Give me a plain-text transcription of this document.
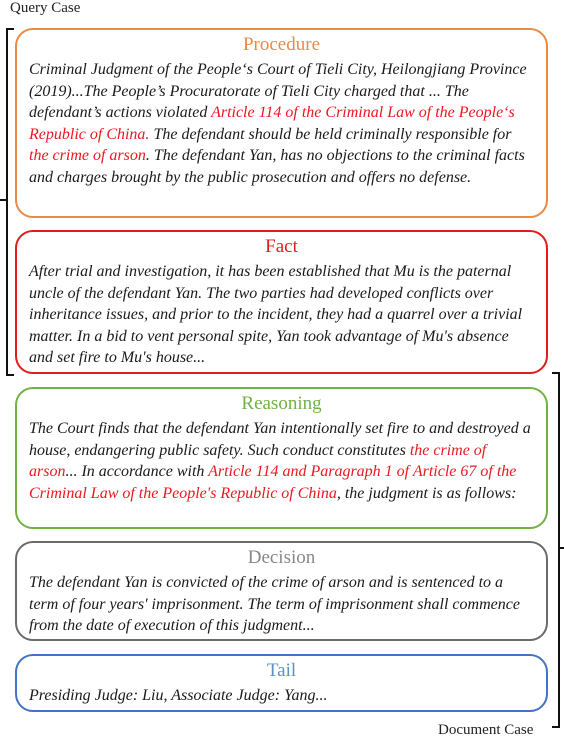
Query Case
Document Case
Procedure
Criminal Judgment of the People‘s Court of Tieli City, Heilongjiang Province (2019)...The People’s Procuratorate of Tieli City charged that ... The defendant’s actions violated Article 114 of the Criminal Law of the People‘s Republic of China. The defendant should be held criminally responsible for the crime of arson. The defendant Yan, has no objections to the criminal facts and charges brought by the public prosecution and offers no defense.
Fact
After trial and investigation, it has been established that Mu is the paternal uncle of the defendant Yan. The two parties had developed conflicts over inheritance issues, and prior to the incident, they had a quarrel over a trivial matter. In a bid to vent personal spite, Yan took advantage of Mu's absence and set fire to Mu's house...
Reasoning
The Court finds that the defendant Yan intentionally set fire to and destroyed a house, endangering public safety. Such conduct constitutes the crime of arson... In accordance with Article 114 and Paragraph 1 of Article 67 of the Criminal Law of the People's Republic of China, the judgment is as follows:
Decision
The defendant Yan is convicted of the crime of arson and is sentenced to a term of four years' imprisonment. The term of imprisonment shall commence from the date of execution of this judgment...
Tail
Presiding Judge: Liu, Associate Judge: Yang...
